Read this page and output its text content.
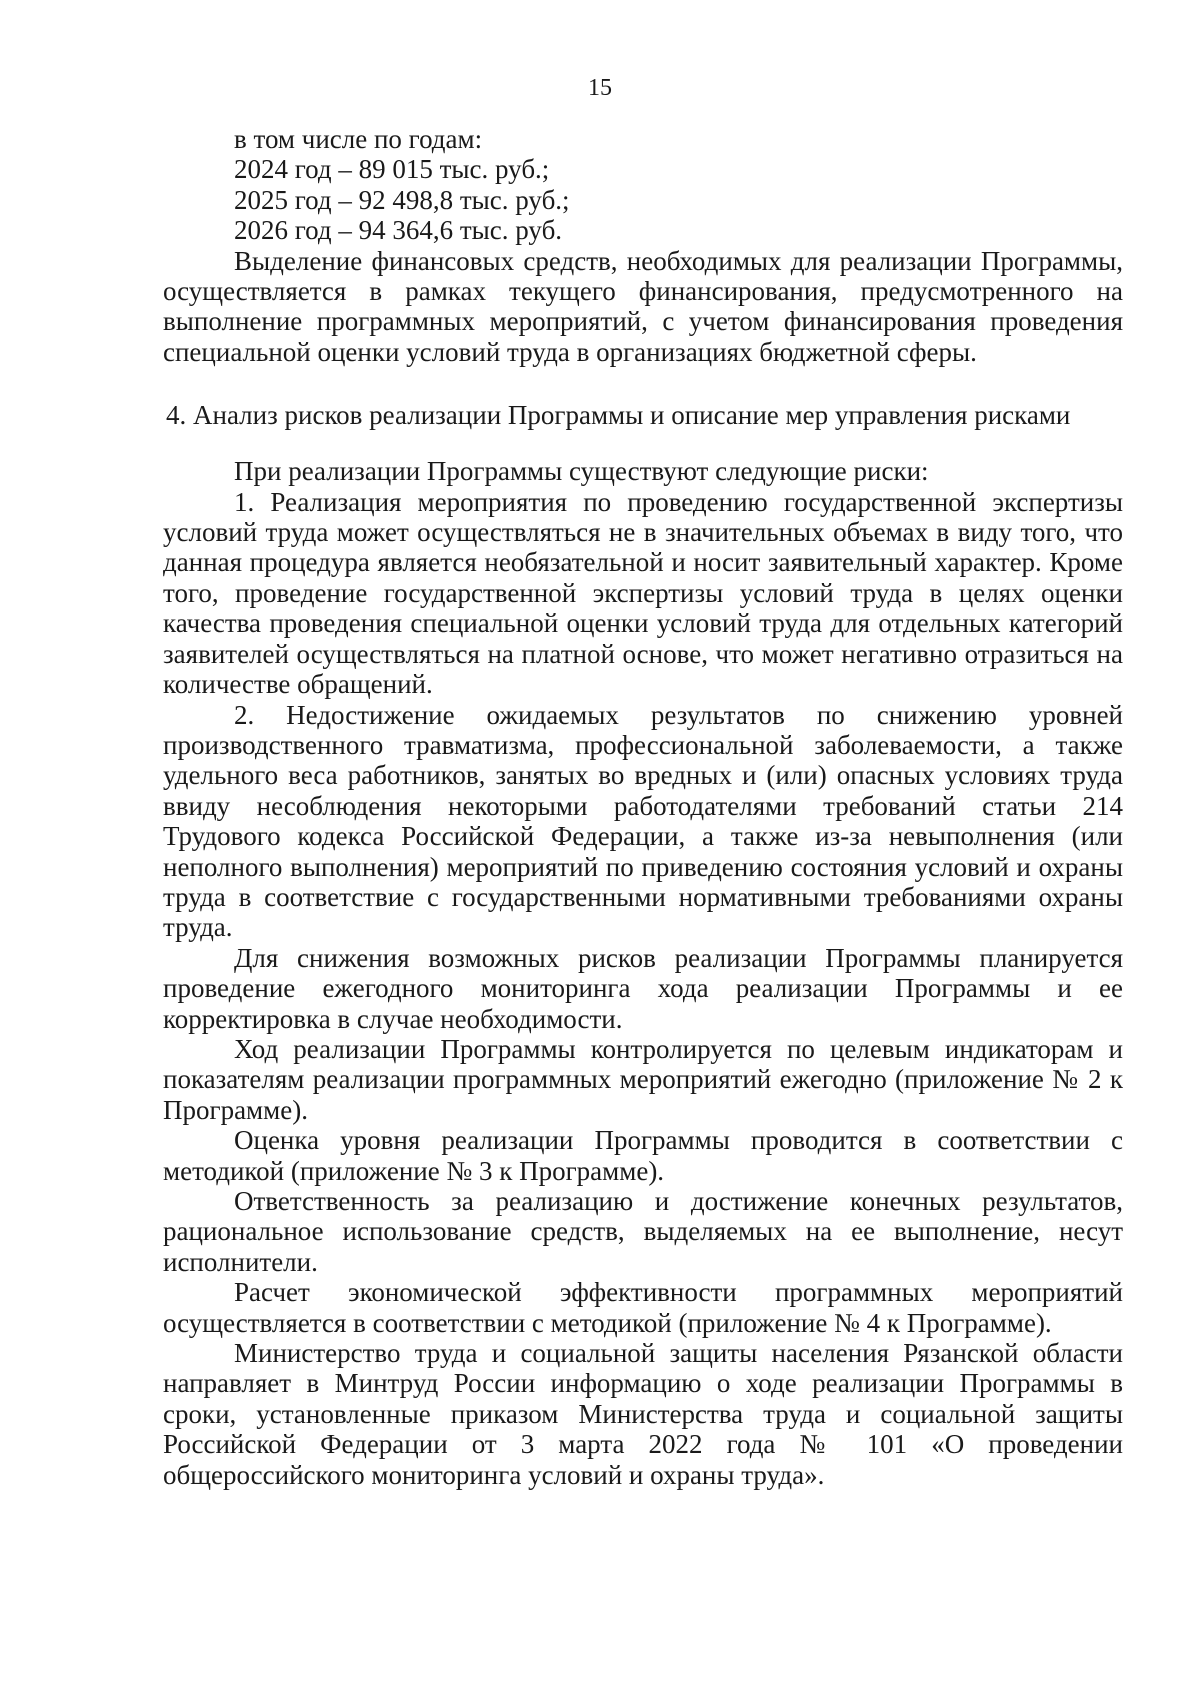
15

в том числе по годам:

2024 год – 89 015 тыс. руб.;

2025 год – 92 498,8 тыс. руб.;

2026 год – 94 364,6 тыс. руб.

Выделение финансовых средств, необходимых для реализации Программы, осуществляется в рамках текущего финансирования, предусмотренного на выполнение программных мероприятий, с учетом финансирования проведения специальной оценки условий труда в организациях бюджетной сферы.

4. Анализ рисков реализации Программы и описание мер управления рисками

При реализации Программы существуют следующие риски:

1. Реализация мероприятия по проведению государственной экспертизы условий труда может осуществляться не в значительных объемах в виду того, что данная процедура является необязательной и носит заявительный характер. Кроме того, проведение государственной экспертизы условий труда в целях оценки качества проведения специальной оценки условий труда для отдельных категорий заявителей осуществляться на платной основе, что может негативно отразиться на количестве обращений.

2. Недостижение ожидаемых результатов по снижению уровней производственного травматизма, профессиональной заболеваемости, а также удельного веса работников, занятых во вредных и (или) опасных условиях труда ввиду несоблюдения некоторыми работодателями требований статьи 214 Трудового кодекса Российской Федерации, а также из-за невыполнения (или неполного выполнения) мероприятий по приведению состояния условий и охраны труда в соответствие с государственными нормативными требованиями охраны труда.

Для снижения возможных рисков реализации Программы планируется проведение ежегодного мониторинга хода реализации Программы и ее корректировка в случае необходимости.

Ход реализации Программы контролируется по целевым индикаторам и показателям реализации программных мероприятий ежегодно (приложение № 2 к Программе).

Оценка уровня реализации Программы проводится в соответствии с методикой (приложение № 3 к Программе).

Ответственность за реализацию и достижение конечных результатов, рациональное использование средств, выделяемых на ее выполнение, несут исполнители.

Расчет экономической эффективности программных мероприятий осуществляется в соответствии с методикой (приложение № 4 к Программе).

Министерство труда и социальной защиты населения Рязанской области направляет в Минтруд России информацию о ходе реализации Программы в сроки, установленные приказом Министерства труда и социальной защиты Российской Федерации от 3 марта 2022 года № 101 «О проведении общероссийского мониторинга условий и охраны труда».
